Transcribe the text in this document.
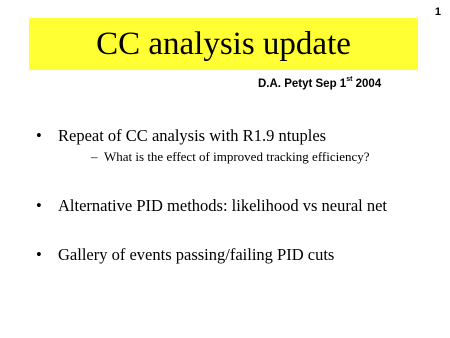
1
CC analysis update
D.A. Petyt Sep 1st 2004
• Repeat of CC analysis with R1.9 ntuples
– What is the effect of improved tracking efficiency?
• Alternative PID methods: likelihood vs neural net
• Gallery of events passing/failing PID cuts
